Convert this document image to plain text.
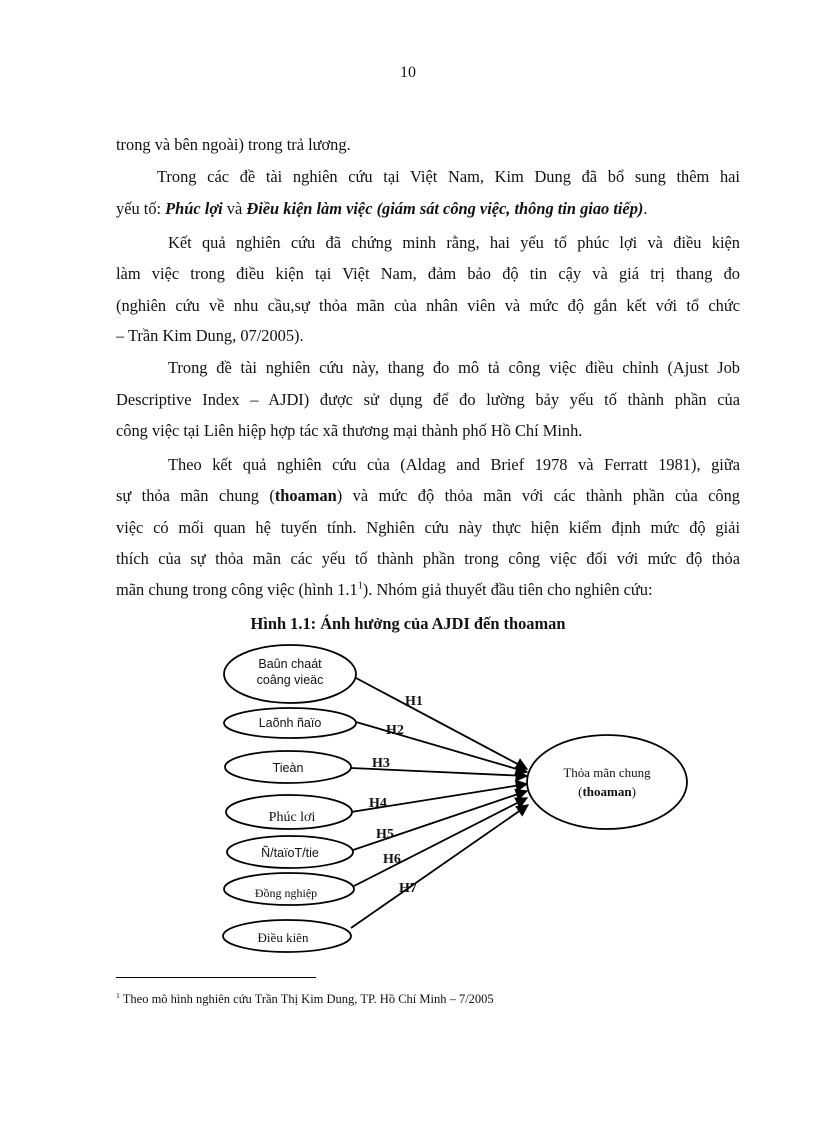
10
trong và bên ngoài) trong trả lương.
Trong các đề tài nghiên cứu tại Việt Nam, Kim Dung đã bổ sung thêm hai
yếu tố: Phúc lợi và Điều kiện làm việc (giám sát công việc, thông tin giao tiếp).
Kết quả nghiên cứu đã chứng minh rằng, hai yếu tố phúc lợi và điều kiện
làm việc trong điều kiện tại Việt Nam, đảm bảo độ tin cậy và giá trị thang đo
(nghiên cứu về nhu cầu,sự thỏa mãn của nhân viên và mức độ gắn kết với tổ chức
– Trần Kim Dung, 07/2005).
Trong đề tài nghiên cứu này, thang đo mô tả công việc điều chỉnh (Ajust Job
Descriptive Index – AJDI) được sử dụng để đo lường bảy yếu tố thành phần của
công việc tại Liên hiệp hợp tác xã thương mại thành phố Hồ Chí Minh.
Theo kết quả nghiên cứu của (Aldag and Brief 1978 và Ferratt 1981), giữa
sự thỏa mãn chung (thoaman) và mức độ thỏa mãn với các thành phần của công
việc có mối quan hệ tuyến tính. Nghiên cứu này thực hiện kiểm định mức độ giải
thích của sự thỏa mãn các yếu tố thành phần trong công việc đối với mức độ thỏa
mãn chung trong công việc (hình $1.1^1$). Nhóm giả thuyết đầu tiên cho nghiên cứu:
Hình 1.1: Ánh hưởng của AJDI đến thoaman
Baûn chaát
coâng vieäc
Laõnh ñaïo
Tieàn
Phúc lơi
Ñ/taïoT/tie
Đồng nghiệp
Điều kiên
H1
H2
H3
H4
H5
H6
H7
Thỏa mãn chung
(thoaman)
$^1$ Theo mô hình nghiên cứu Trần Thị Kim Dung, TP. Hồ Chí Minh – 7/2005
